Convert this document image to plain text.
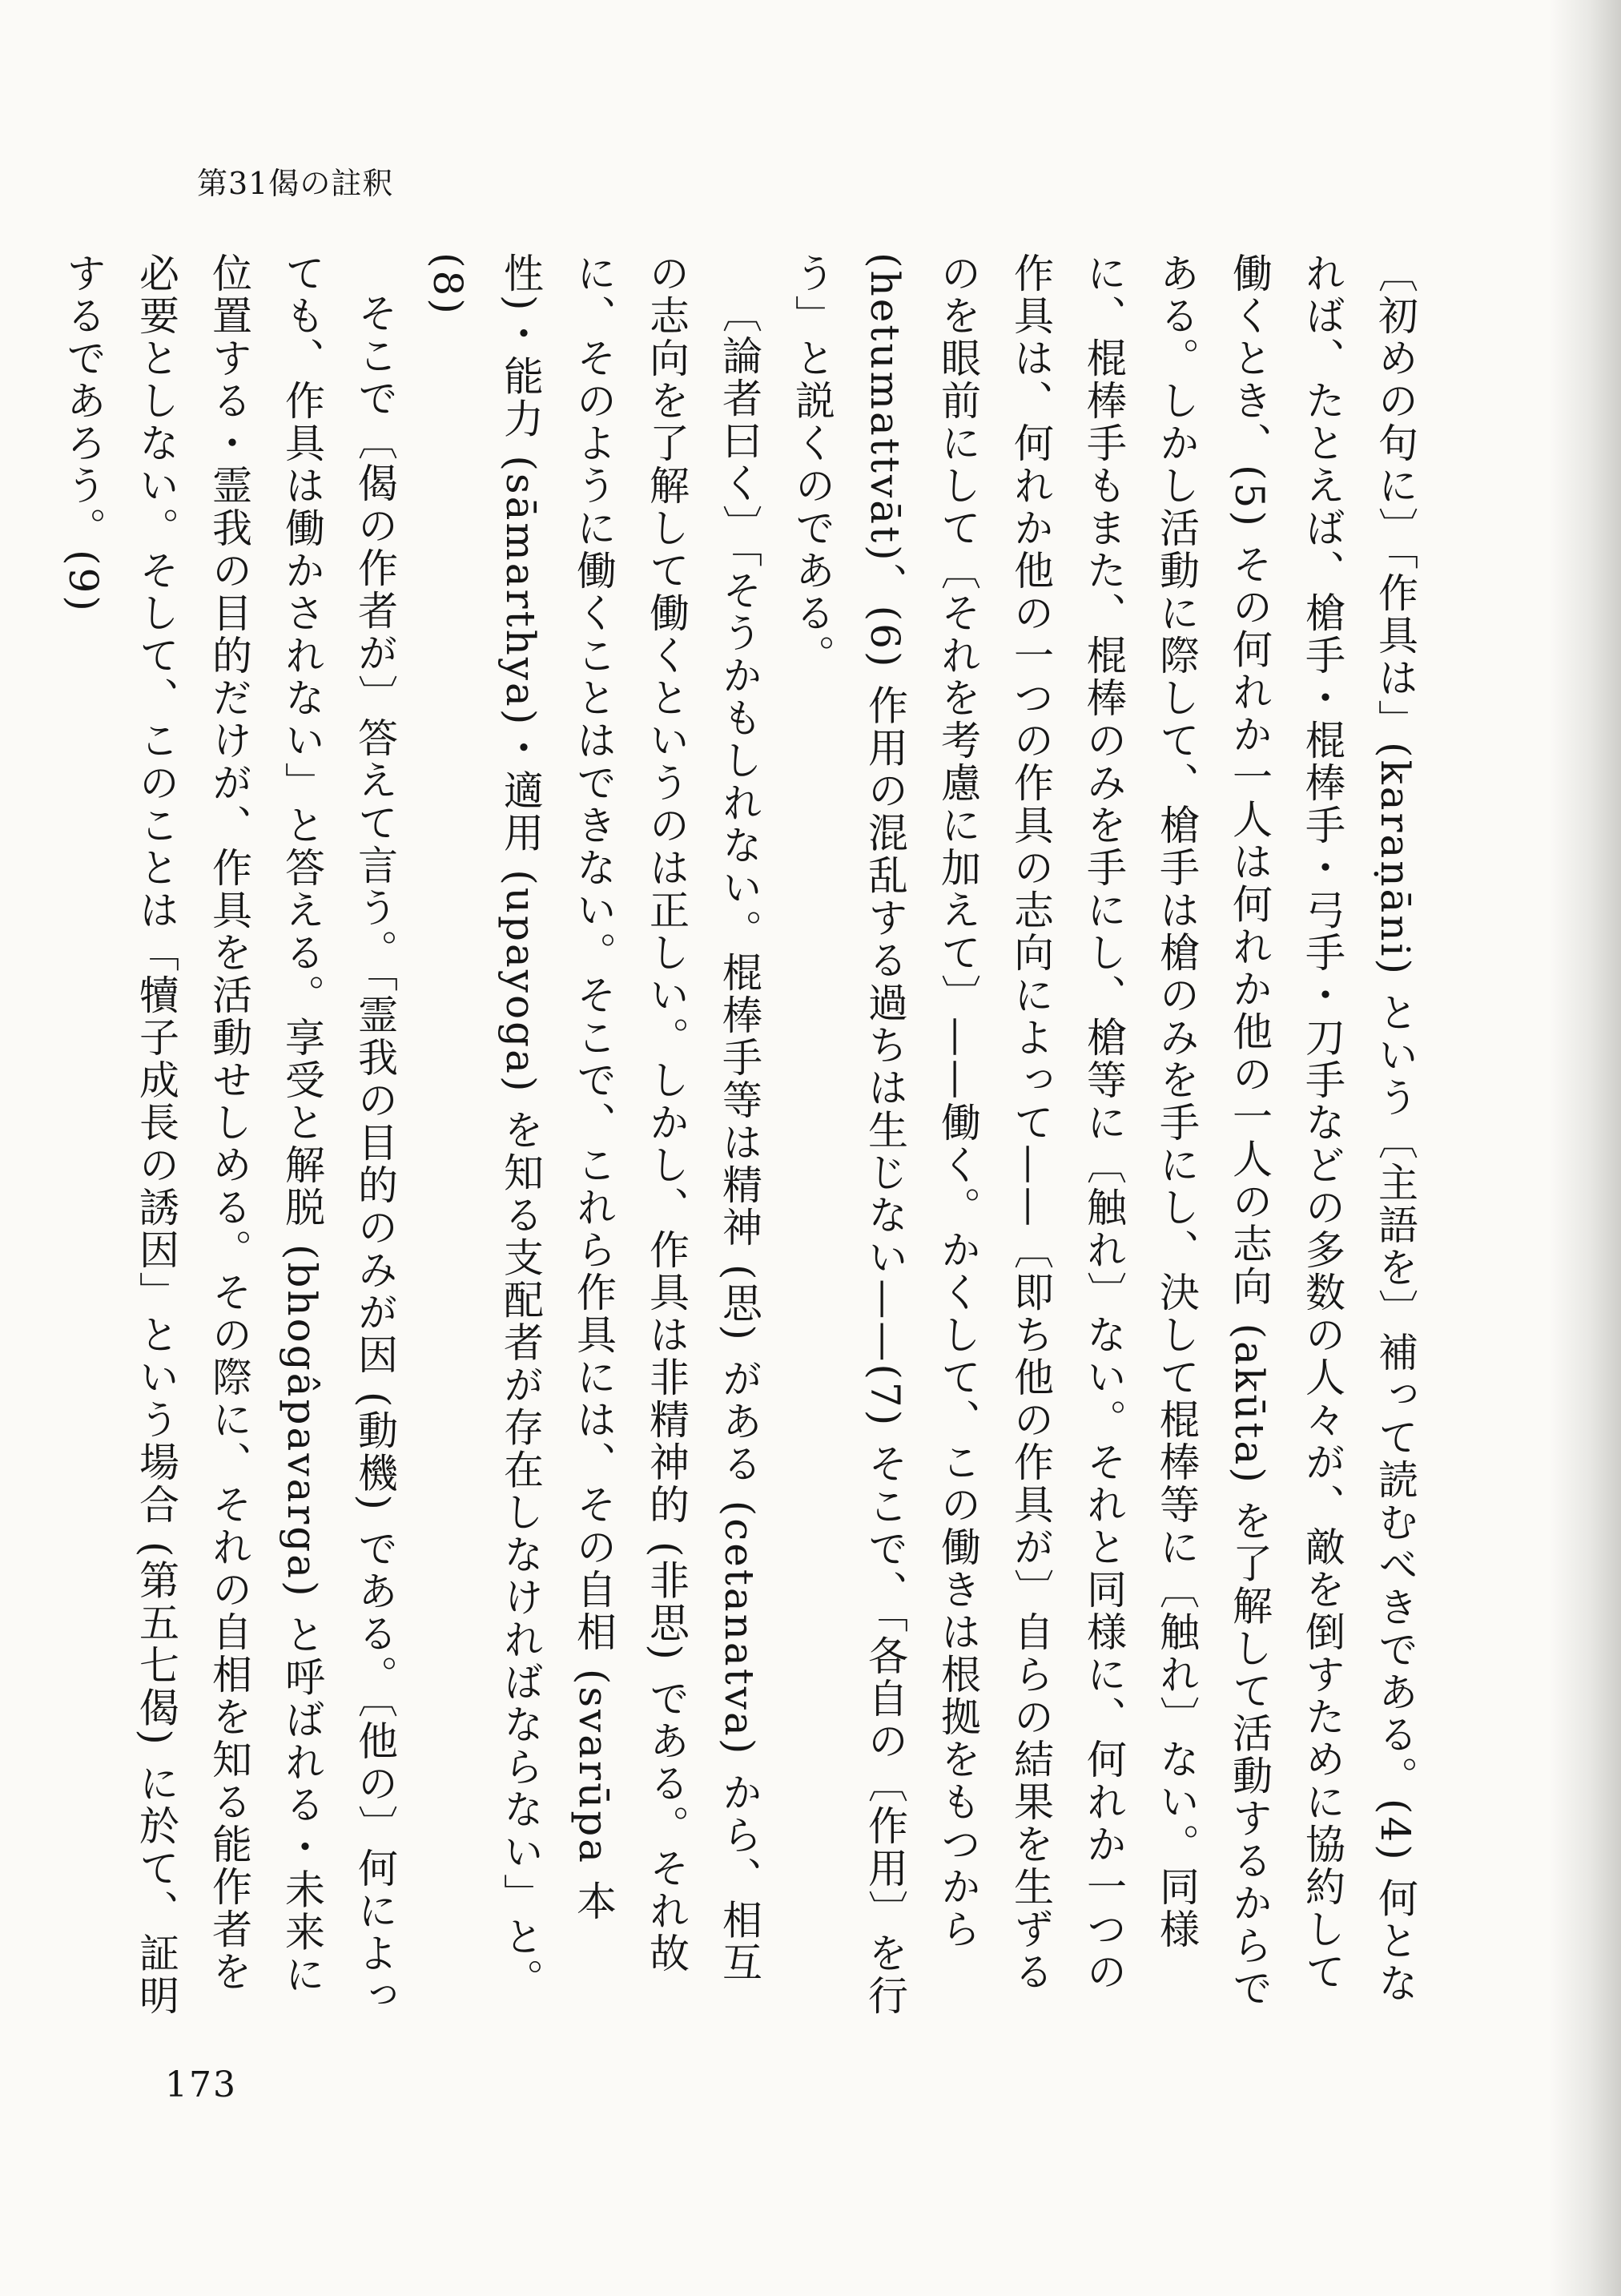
第31偈の註釈

〔初めの句に〕「作具は」(karaṇāni) という〔主語を〕補って読むべきである。(4) 何となれば、たとえば、槍手・棍棒手・弓手・刀手などの多数の人々が、敵を倒すために協約して働くとき、(5) その何れか一人は何れか他の一人の志向 (akūta) を了解して活動するからである。しかし活動に際して、槍手は槍のみを手にし、決して棍棒等に〔触れ〕ない。同様に、棍棒手もまた、棍棒のみを手にし、槍等に〔触れ〕ない。それと同様に、何れか一つの作具は、何れか他の一つの作具の志向によって——〔即ち他の作具が〕自らの結果を生ずるのを眼前にして〔それを考慮に加えて〕——働く。かくして、この働きは根拠をもつから (hetumattvāt)、(6) 作用の混乱する過ちは生じない——(7) そこで、「各自の〔作用〕を行う」と説くのである。

〔論者曰く〕「そうかもしれない。棍棒手等は精神 (思) がある (cetanatva) から、相互の志向を了解して働くというのは正しい。しかし、作具は非精神的 (非思) である。それ故に、そのように働くことはできない。そこで、これら作具には、その自相 (svarūpa 本性)・能力 (sāmarthya)・適用 (upayoga) を知る支配者が存在しなければならない」と。(8)

そこで〔偈の作者が〕答えて言う。「霊我の目的のみが因 (動機) である。〔他の〕何によっても、作具は働かされない」と答える。享受と解脱 (bhogâpavarga) と呼ばれる・未来に位置する・霊我の目的だけが、作具を活動せしめる。その際に、それの自相を知る能作者を必要としない。そして、このことは「犢子成長の誘因」という場合 (第五七偈) に於て、証明するであろう。(9)

173
